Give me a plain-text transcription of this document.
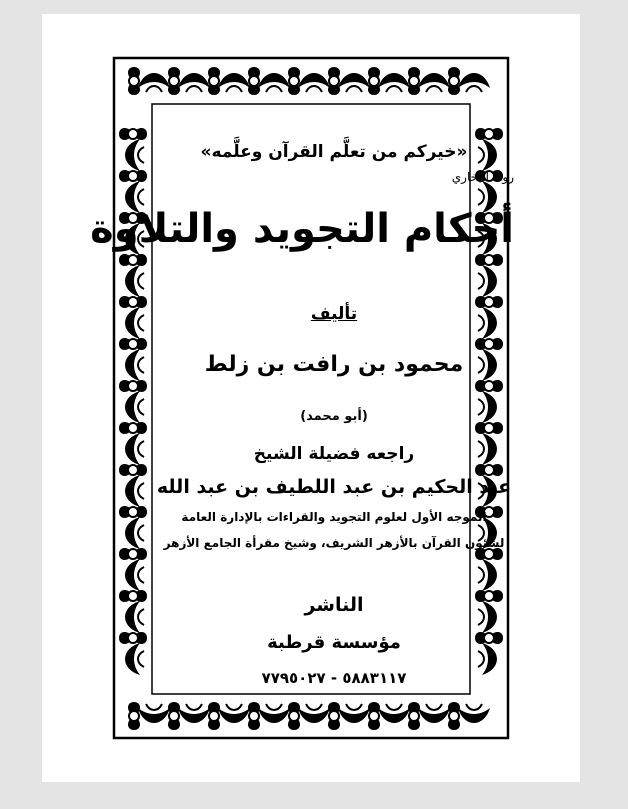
«خيركم من تعلَّم القرآن وعلَّمه»
رواه البخاري
أحكام التجويد والتلاوة
تأليف
محمود بن رافت بن زلط
(أبو محمد)
راجعه فضيلة الشيخ
عبد الحكيم بن عبد اللطيف بن عبد الله
الموجه الأول لعلوم التجويد والقراءات بالإدارة العامة
لشئون القرآن بالأزهر الشريف، وشيخ مقرأة الجامع الأزهر
الناشر
مؤسسة قرطبة
٥٨٨٣١١٧ - ٧٧٩٥٠٢٧
